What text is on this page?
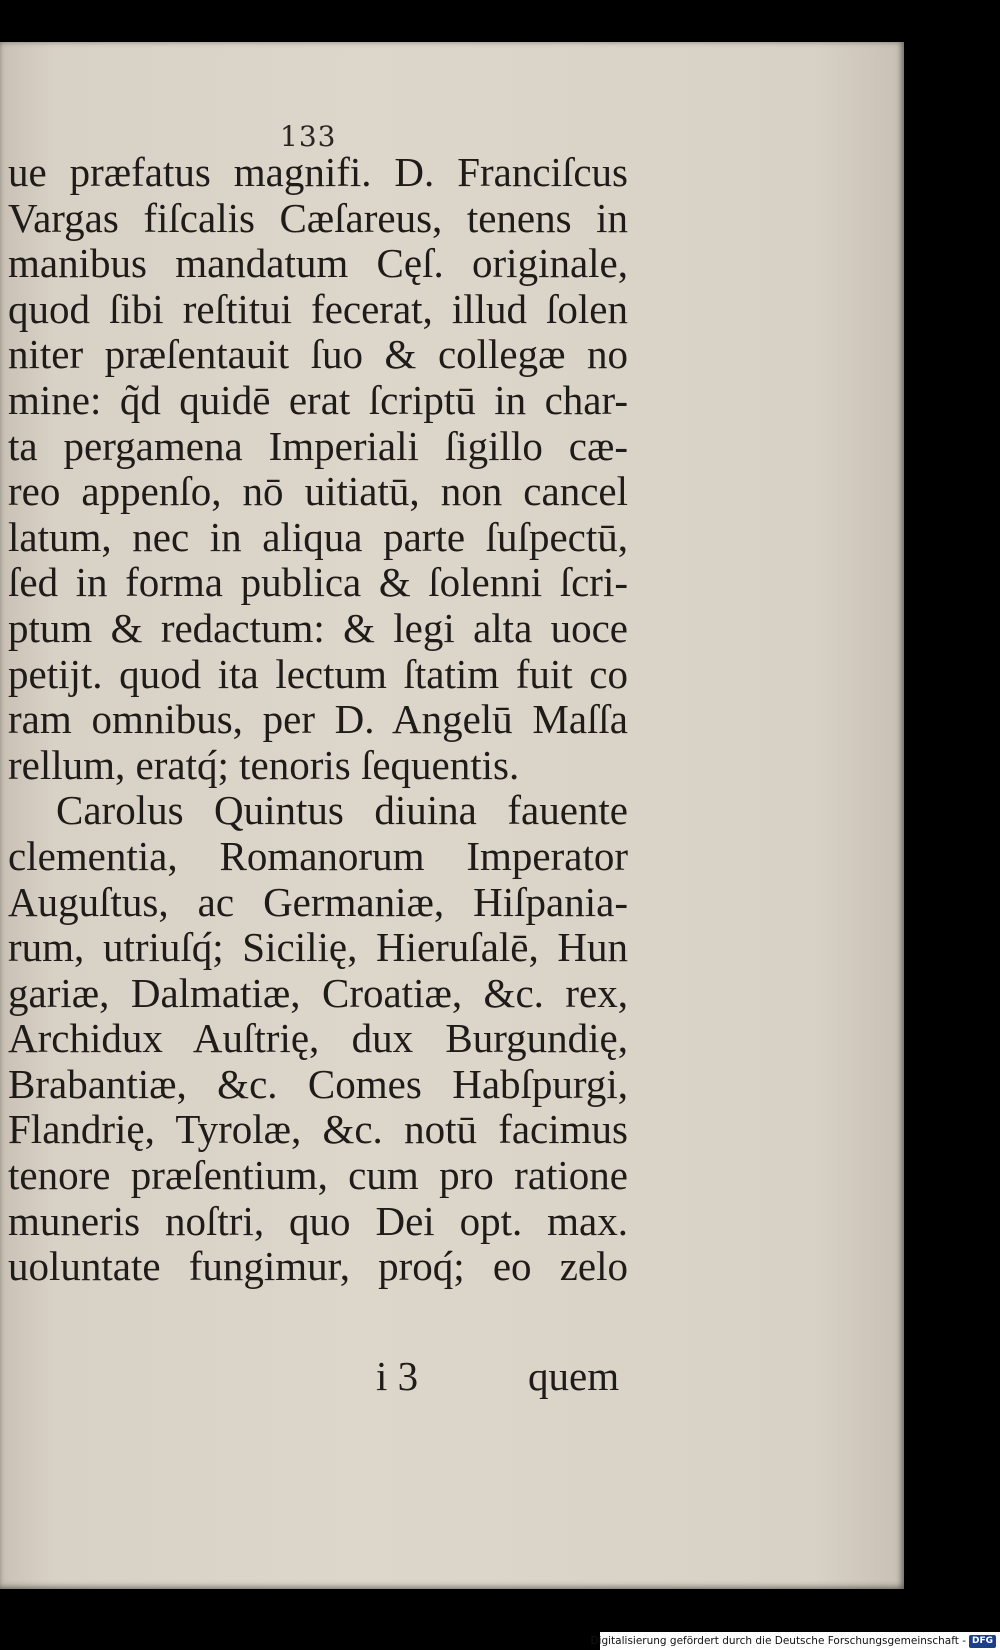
133
ue præfatus magnifi. D. Franciſcus
Vargas fiſcalis Cæſareus, tenens in
manibus mandatum Cęſ. originale,
quod ſibi reſtitui fecerat, illud ſolen
niter præſentauit ſuo & collegæ no
mine: q̃d quidē erat ſcriptū in char-
ta pergamena Imperiali ſigillo cæ-
reo appenſo, nō uitiatū, non cancel
latum, nec in aliqua parte ſuſpectū,
ſed in forma publica & ſolenni ſcri-
ptum & redactum: & legi alta uoce
petijt. quod ita lectum ſtatim fuit co
ram omnibus, per D. Angelū Maſſa
rellum, eratq́; tenoris ſequentis.
Carolus Quintus diuina fauente
clementia, Romanorum Imperator
Auguſtus, ac Germaniæ, Hiſpania-
rum, utriuſq́; Sicilię, Hieruſalē, Hun
gariæ, Dalmatiæ, Croatiæ, &c. rex,
Archidux Auſtrię, dux Burgundię,
Brabantiæ, &c. Comes Habſpurgi,
Flandrię, Tyrolæ, &c. notū facimus
tenore præſentium, cum pro ratione
muneris noſtri, quo Dei opt. max.
uoluntate fungimur, proq́; eo zelo
i 3	quem
Digitalisierung gefördert durch die Deutsche Forschungsgemeinschaft - DFG
